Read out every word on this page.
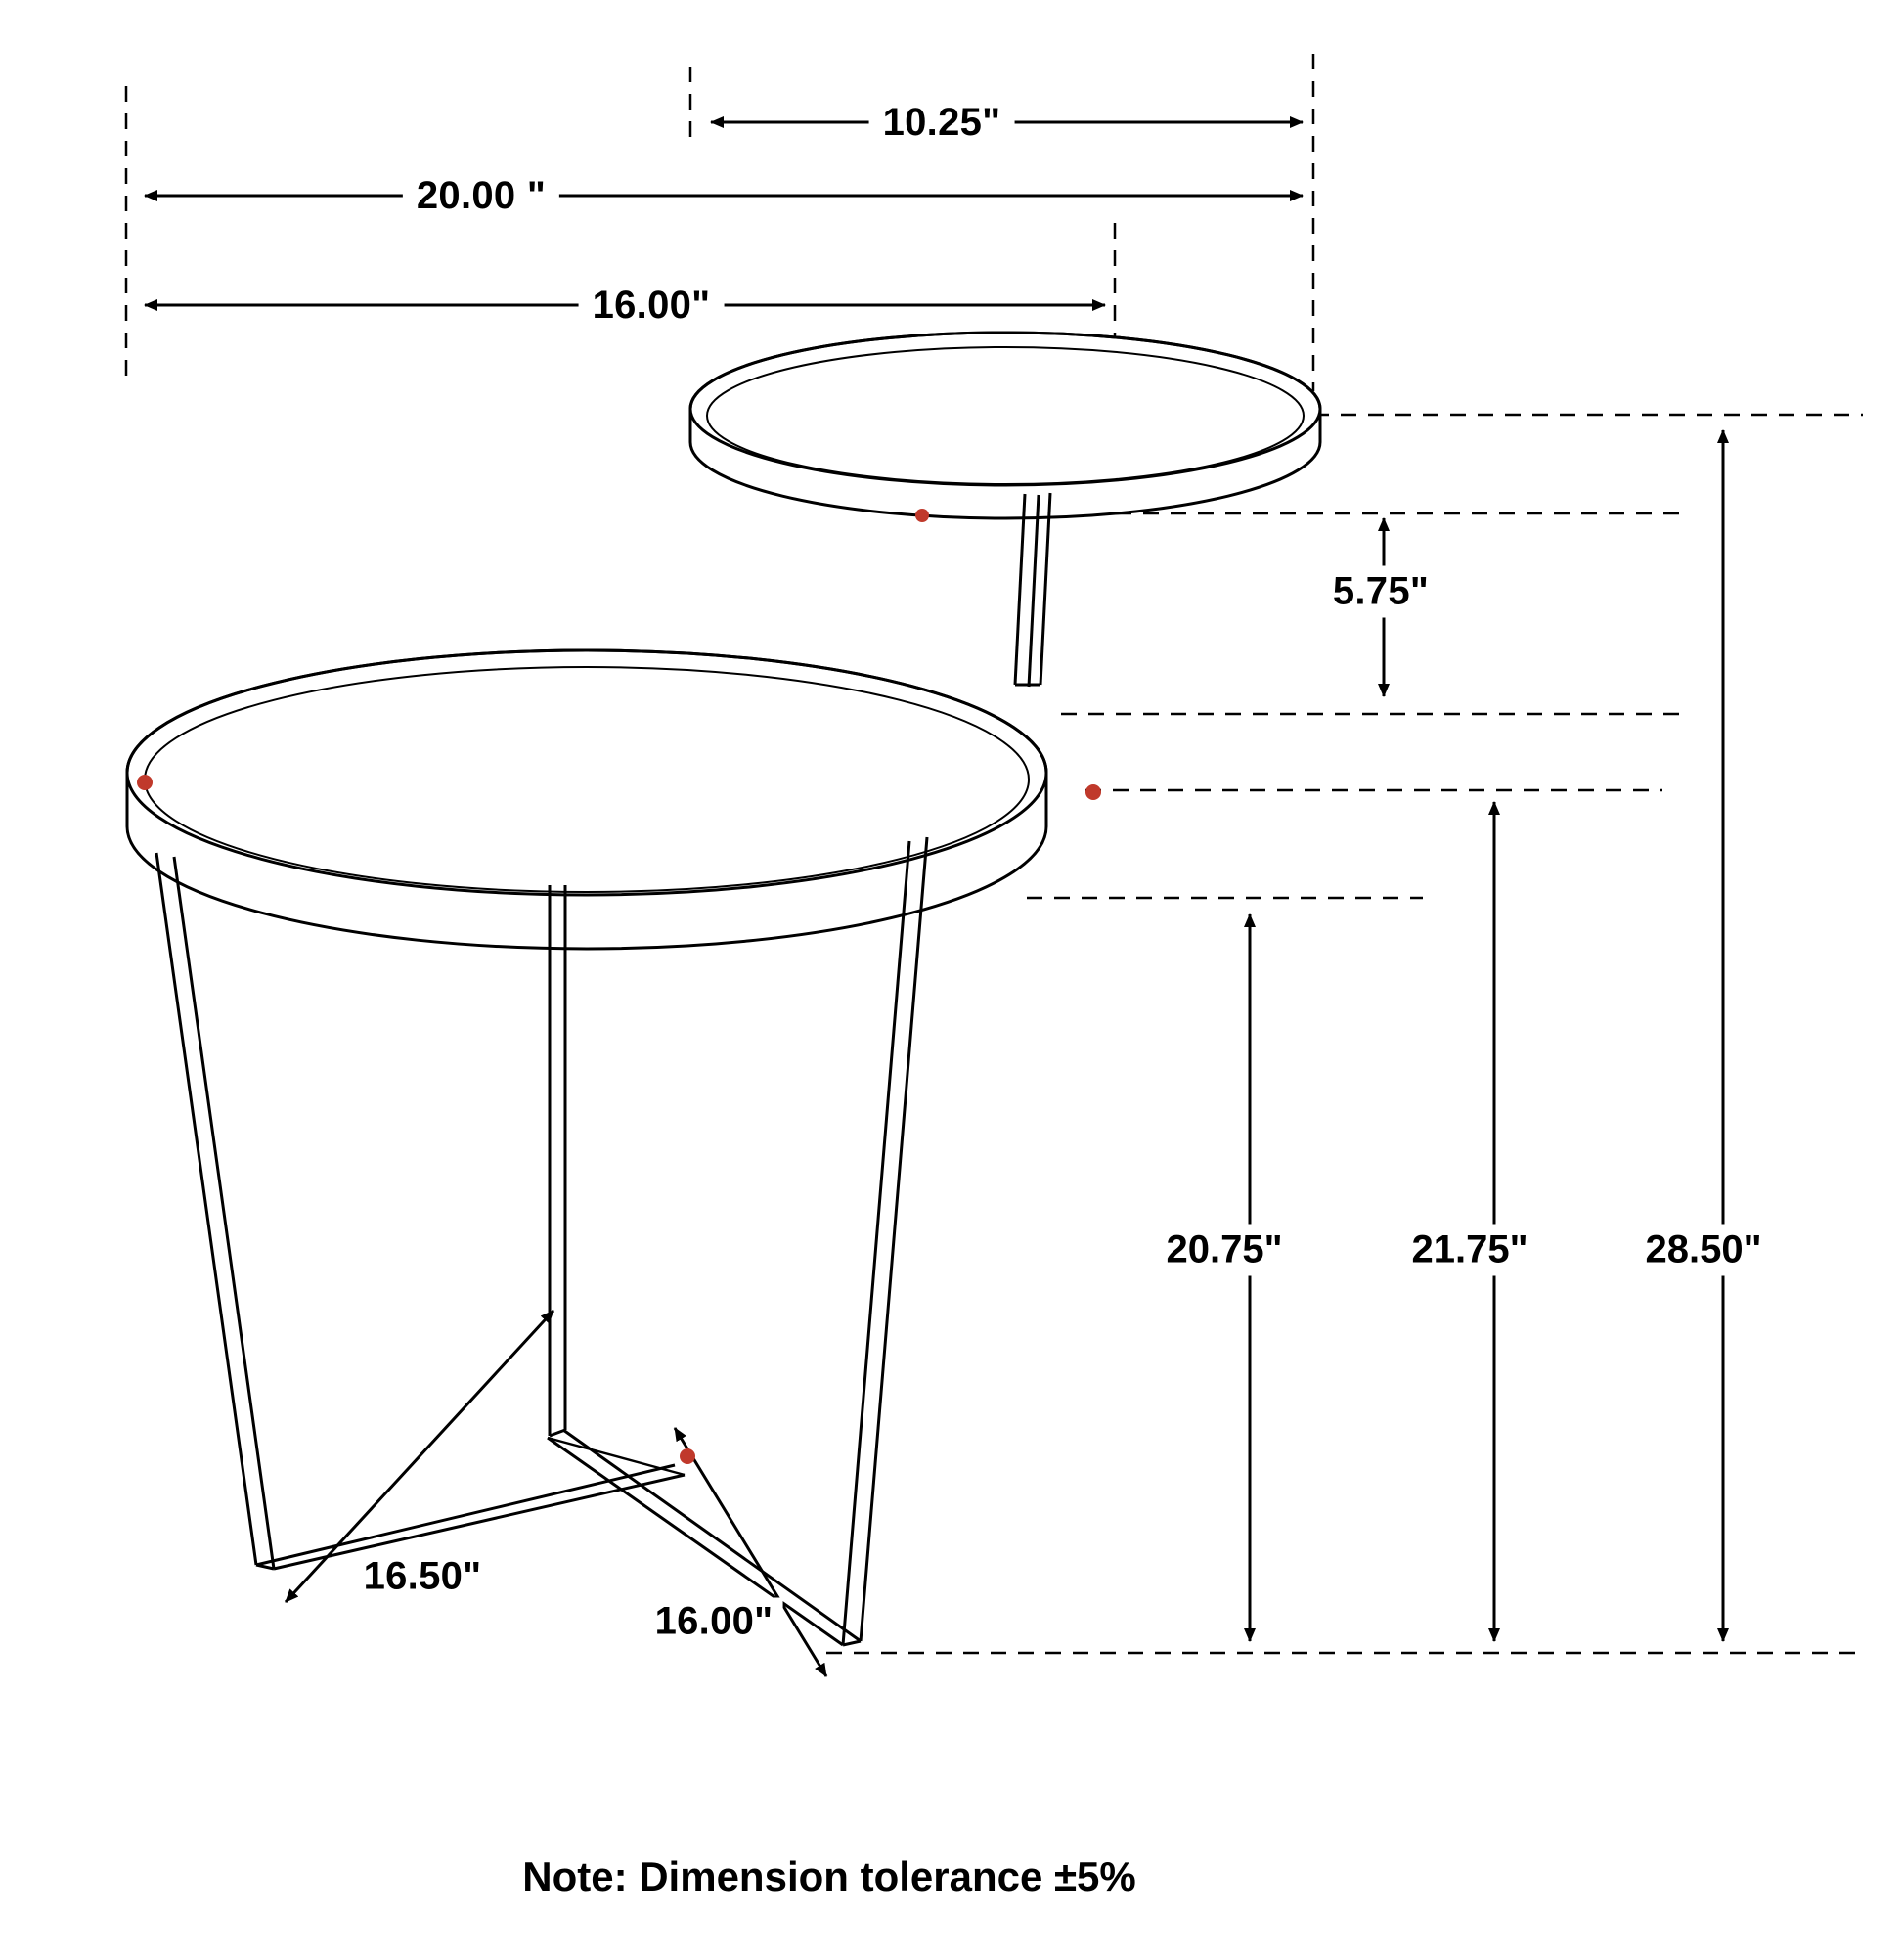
10.25"
20.00 "
16.00"
5.75"
20.75"	21.75"	28.50"
16.50"
16.00"
Note: Dimension tolerance ±5%
